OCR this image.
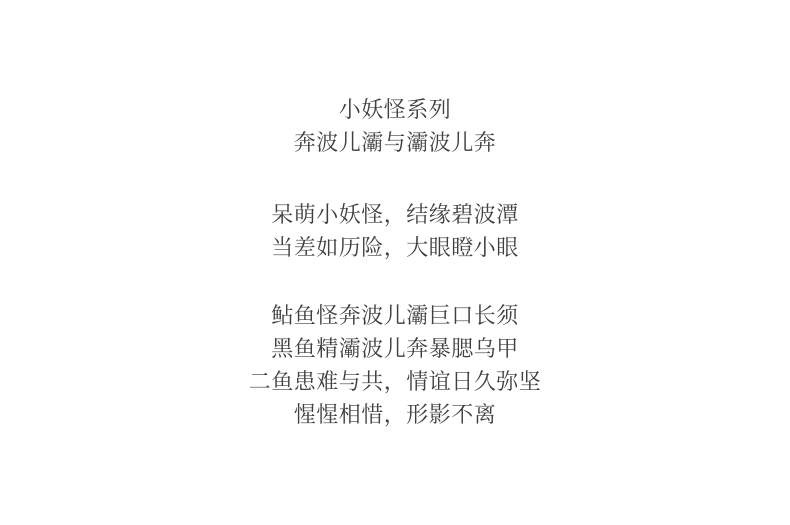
小妖怪系列
奔波儿灞与灞波儿奔
呆萌小妖怪，结缘碧波潭
当差如历险，大眼瞪小眼
鲇鱼怪奔波儿灞巨口长须
黑鱼精灞波儿奔暴腮乌甲
二鱼患难与共，情谊日久弥坚
惺惺相惜，形影不离
